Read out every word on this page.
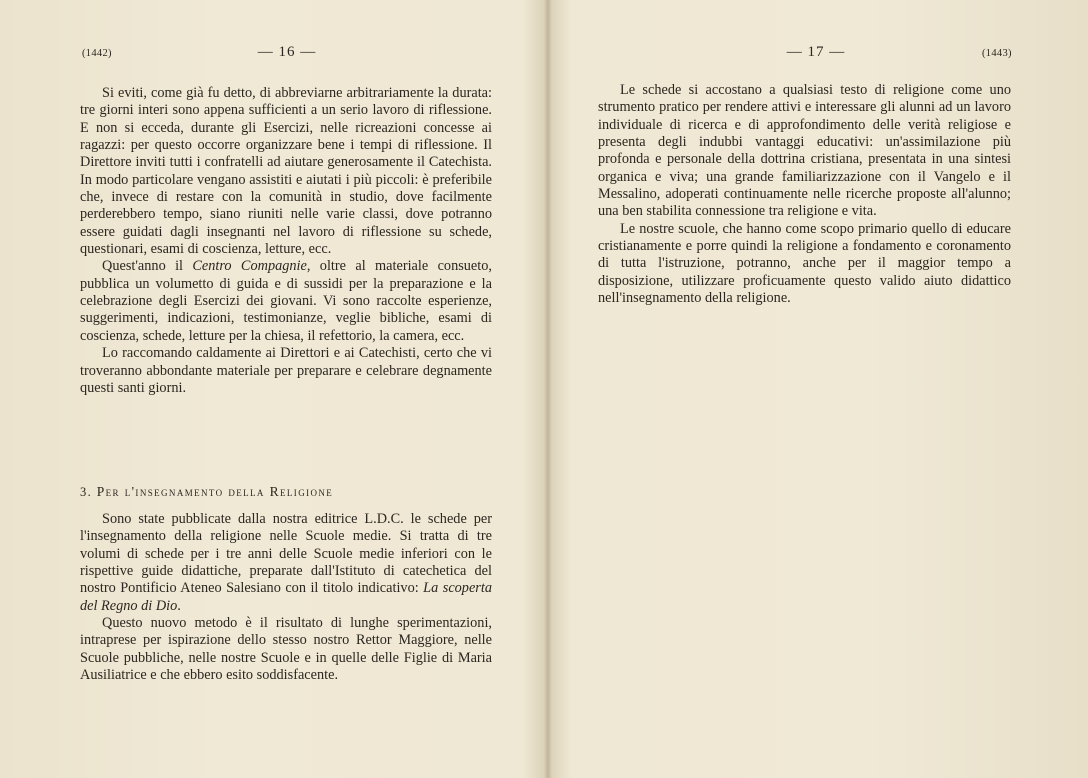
(1442)	— 16 —

Si eviti, come già fu detto, di abbreviarne arbitrariamente la durata: tre giorni interi sono appena sufficienti a un serio lavoro di riflessione. E non si ecceda, durante gli Esercizi, nelle ricreazioni concesse ai ragazzi: per questo occorre organizzare bene i tempi di riflessione. Il Direttore inviti tutti i confratelli ad aiutare generosamente il Catechista. In modo particolare vengano assistiti e aiutati i più piccoli: è preferibile che, invece di restare con la comunità in studio, dove facilmente perderebbero tempo, siano riuniti nelle varie classi, dove potranno essere guidati dagli insegnanti nel lavoro di riflessione su schede, questionari, esami di coscienza, letture, ecc.

Quest'anno il Centro Compagnie, oltre al materiale consueto, pubblica un volumetto di guida e di sussidi per la preparazione e la celebrazione degli Esercizi dei giovani. Vi sono raccolte esperienze, suggerimenti, indicazioni, testimonianze, veglie bibliche, esami di coscienza, schede, letture per la chiesa, il refettorio, la camera, ecc.

Lo raccomando caldamente ai Direttori e ai Catechisti, certo che vi troveranno abbondante materiale per preparare e celebrare degnamente questi santi giorni.

3. Per l'insegnamento della Religione

Sono state pubblicate dalla nostra editrice L.D.C. le schede per l'insegnamento della religione nelle Scuole medie. Si tratta di tre volumi di schede per i tre anni delle Scuole medie inferiori con le rispettive guide didattiche, preparate dall'Istituto di catechetica del nostro Pontificio Ateneo Salesiano con il titolo indicativo: La scoperta del Regno di Dio.

Questo nuovo metodo è il risultato di lunghe sperimentazioni, intraprese per ispirazione dello stesso nostro Rettor Maggiore, nelle Scuole pubbliche, nelle nostre Scuole e in quelle delle Figlie di Maria Ausiliatrice e che ebbero esito soddisfacente.

— 17 —	(1443)

Le schede si accostano a qualsiasi testo di religione come uno strumento pratico per rendere attivi e interessare gli alunni ad un lavoro individuale di ricerca e di approfondimento delle verità religiose e presenta degli indubbi vantaggi educativi: un'assimilazione più profonda e personale della dottrina cristiana, presentata in una sintesi organica e viva; una grande familiarizzazione con il Vangelo e il Messalino, adoperati continuamente nelle ricerche proposte all'alunno; una ben stabilita connessione tra religione e vita.

Le nostre scuole, che hanno come scopo primario quello di educare cristianamente e porre quindi la religione a fondamento e coronamento di tutta l'istruzione, potranno, anche per il maggior tempo a disposizione, utilizzare proficuamente questo valido aiuto didattico nell'insegnamento della religione.
